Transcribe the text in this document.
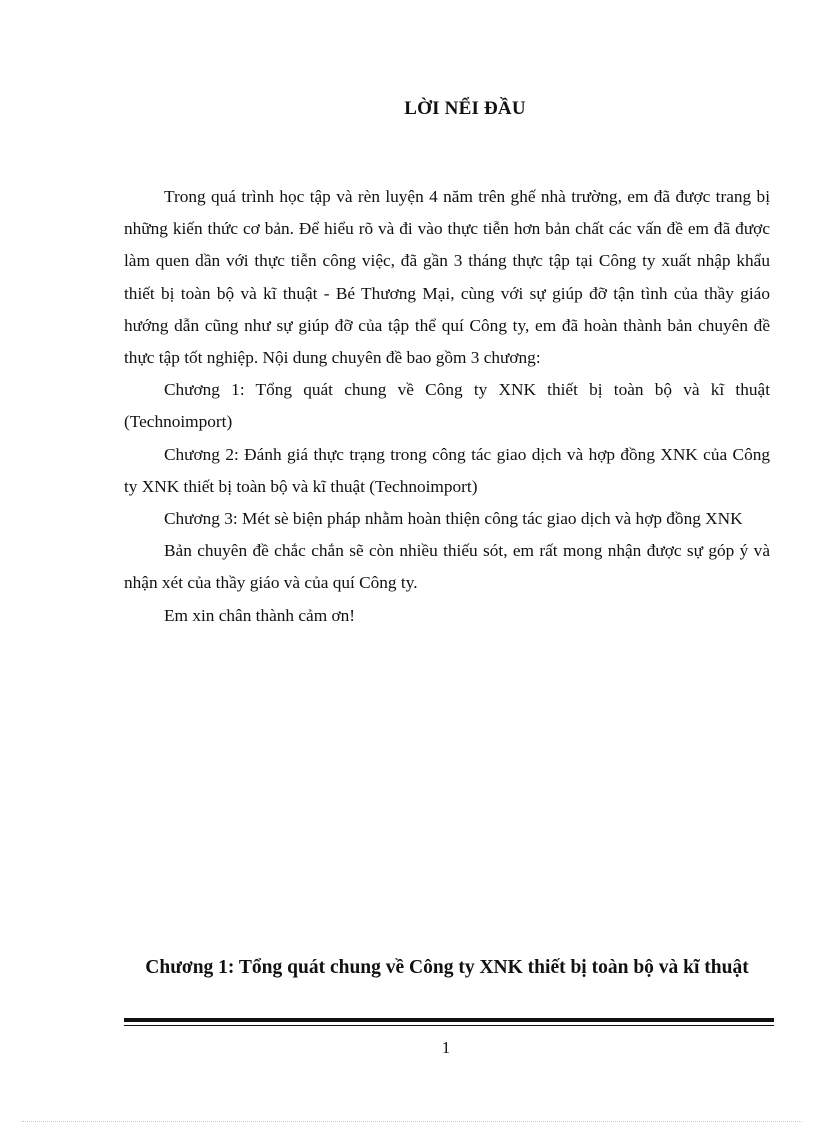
LỜI NỂI ĐẦU

Trong quá trình học tập và rèn luyện 4 năm trên ghế nhà trường, em đã được trang bị những kiến thức cơ bản. Để hiểu rõ và đi vào thực tiễn hơn bản chất các vấn đề em đã được làm quen dần với thực tiễn công việc, đã gần 3 tháng thực tập tại Công ty xuất nhập khẩu thiết bị toàn bộ và kĩ thuật - Bé Thương Mại, cùng với sự giúp đỡ tận tình của thầy giáo hướng dẫn cũng như sự giúp đỡ của tập thể quí Công ty, em đã hoàn thành bản chuyên đề thực tập tốt nghiệp. Nội dung chuyên đề bao gồm 3 chương:

Chương 1: Tổng quát chung về Công ty XNK thiết bị toàn bộ và kĩ thuật (Technoimport)

Chương 2: Đánh giá thực trạng trong công tác giao dịch và hợp đồng XNK của Công ty XNK thiết bị toàn bộ và kĩ thuật (Technoimport)

Chương 3: Mét sè biện pháp nhằm hoàn thiện công tác giao dịch và hợp đồng XNK

Bản chuyên đề chắc chắn sẽ còn nhiều thiếu sót, em rất mong nhận được sự góp ý và nhận xét của thầy giáo và của quí Công ty.

Em xin chân thành cảm ơn!

Chương 1: Tổng quát chung về Công ty XNK thiết bị toàn bộ và kĩ thuật
1
